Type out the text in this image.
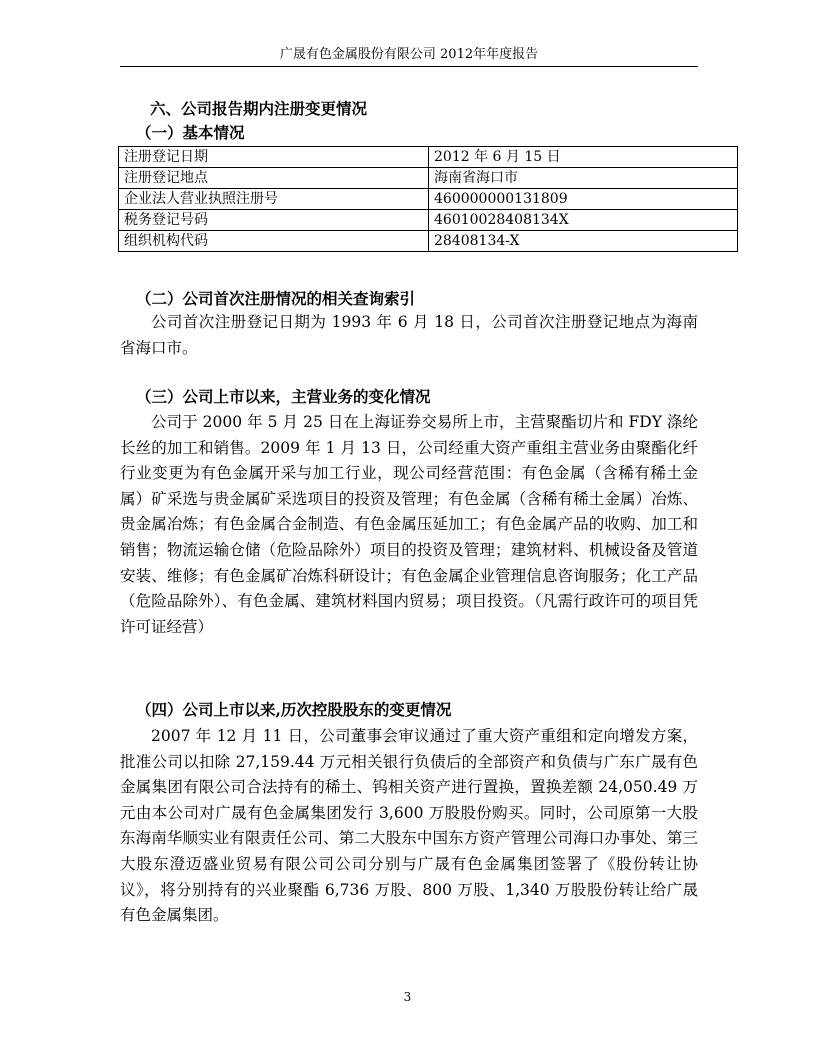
广晟有色金属股份有限公司 2012年年度报告
六、公司报告期内注册变更情况
（一）基本情况
注册登记日期	2012 年 6 月 15 日
注册登记地点	海南省海口市
企业法人营业执照注册号	460000000131809
税务登记号码	46010028408134X
组织机构代码	28408134-X
（二）公司首次注册情况的相关查询索引
公司首次注册登记日期为 1993 年 6 月 18 日，公司首次注册登记地点为海南省海口市。
（三）公司上市以来，主营业务的变化情况
公司于 2000 年 5 月 25 日在上海证券交易所上市，主营聚酯切片和 FDY 涤纶长丝的加工和销售。2009 年 1 月 13 日，公司经重大资产重组主营业务由聚酯化纤行业变更为有色金属开采与加工行业，现公司经营范围：有色金属（含稀有稀土金属）矿采选与贵金属矿采选项目的投资及管理；有色金属（含稀有稀土金属）冶炼、贵金属冶炼；有色金属合金制造、有色金属压延加工；有色金属产品的收购、加工和销售；物流运输仓储（危险品除外）项目的投资及管理；建筑材料、机械设备及管道安装、维修；有色金属矿冶炼科研设计；有色金属企业管理信息咨询服务；化工产品（危险品除外）、有色金属、建筑材料国内贸易；项目投资。（凡需行政许可的项目凭许可证经营）
（四）公司上市以来,历次控股股东的变更情况
2007 年 12 月 11 日，公司董事会审议通过了重大资产重组和定向增发方案，批准公司以扣除 27,159.44 万元相关银行负债后的全部资产和负债与广东广晟有色金属集团有限公司合法持有的稀土、钨相关资产进行置换，置换差额 24,050.49 万元由本公司对广晟有色金属集团发行 3,600 万股股份购买。同时，公司原第一大股东海南华顺实业有限责任公司、第二大股东中国东方资产管理公司海口办事处、第三大股东澄迈盛业贸易有限公司公司分别与广晟有色金属集团签署了《股份转让协议》，将分别持有的兴业聚酯 6,736 万股、800 万股、1,340 万股股份转让给广晟有色金属集团。
3
